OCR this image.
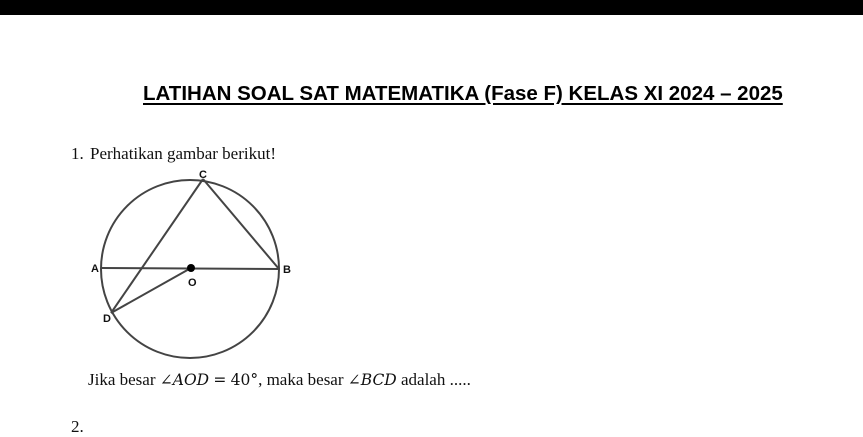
LATIHAN SOAL SAT MATEMATIKA (Fase F) KELAS XI 2024 – 2025
1. Perhatikan gambar berikut!
C
A
O
B
D
Jika besar ∠AOD = 40°, maka besar ∠BCD adalah .....
2.
